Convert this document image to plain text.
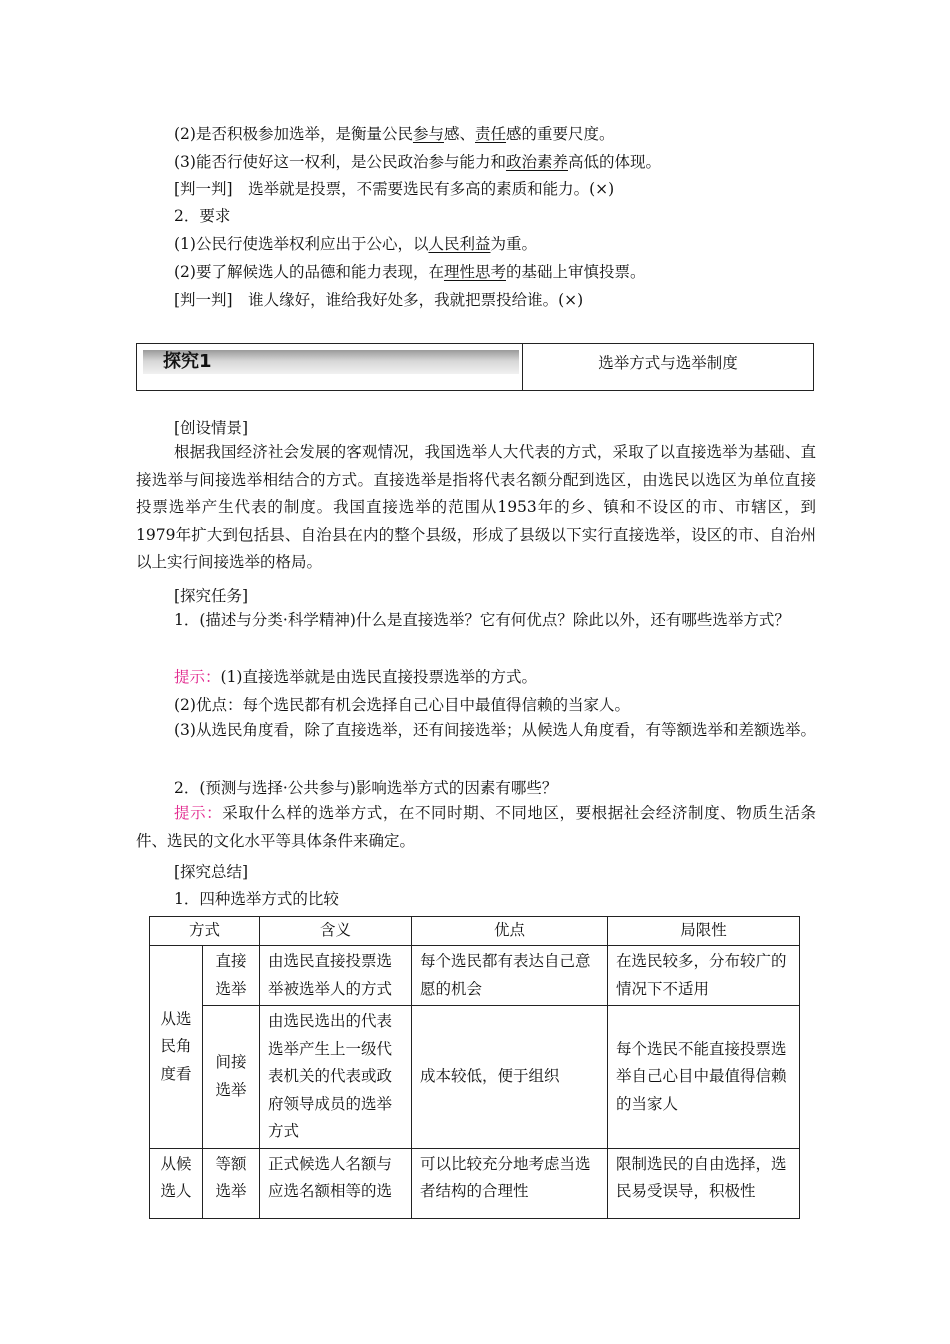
(2)是否积极参加选举，是衡量公民参与感、责任感的重要尺度。
(3)能否行使好这一权利，是公民政治参与能力和政治素养高低的体现。
[判一判]　选举就是投票，不需要选民有多高的素质和能力。(×)
2．要求
(1)公民行使选举权利应出于公心，以人民利益为重。
(2)要了解候选人的品德和能力表现，在理性思考的基础上审慎投票。
[判一判]　谁人缘好，谁给我好处多，我就把票投给谁。(×)
探究1	选举方式与选举制度
[创设情景]
根据我国经济社会发展的客观情况，我国选举人大代表的方式，采取了以直接选举为基础、直接选举与间接选举相结合的方式。直接选举是指将代表名额分配到选区，由选民以选区为单位直接投票选举产生代表的制度。我国直接选举的范围从1953年的乡、镇和不设区的市、市辖区，到1979年扩大到包括县、自治县在内的整个县级，形成了县级以下实行直接选举，设区的市、自治州以上实行间接选举的格局。
[探究任务]
1．(描述与分类·科学精神)什么是直接选举？它有何优点？除此以外，还有哪些选举方式？
提示：(1)直接选举就是由选民直接投票选举的方式。
(2)优点：每个选民都有机会选择自己心目中最值得信赖的当家人。
(3)从选民角度看，除了直接选举，还有间接选举；从候选人角度看，有等额选举和差额选举。
2．(预测与选择·公共参与)影响选举方式的因素有哪些？
提示：采取什么样的选举方式，在不同时期、不同地区，要根据社会经济制度、物质生活条件、选民的文化水平等具体条件来确定。
[探究总结]
1．四种选举方式的比较
方式		含义	优点	局限性
从选民角度看	直接选举	由选民直接投票选举被选举人的方式	每个选民都有表达自己意愿的机会	在选民较多，分布较广的情况下不适用
	间接选举	由选民选出的代表选举产生上一级代表机关的代表或政府领导成员的选举方式	成本较低，便于组织	每个选民不能直接投票选举自己心目中最值得信赖的当家人
从候选人	等额选举	正式候选人名额与应选名额相等的选	可以比较充分地考虑当选者结构的合理性	限制选民的自由选择，选民易受误导，积极性
